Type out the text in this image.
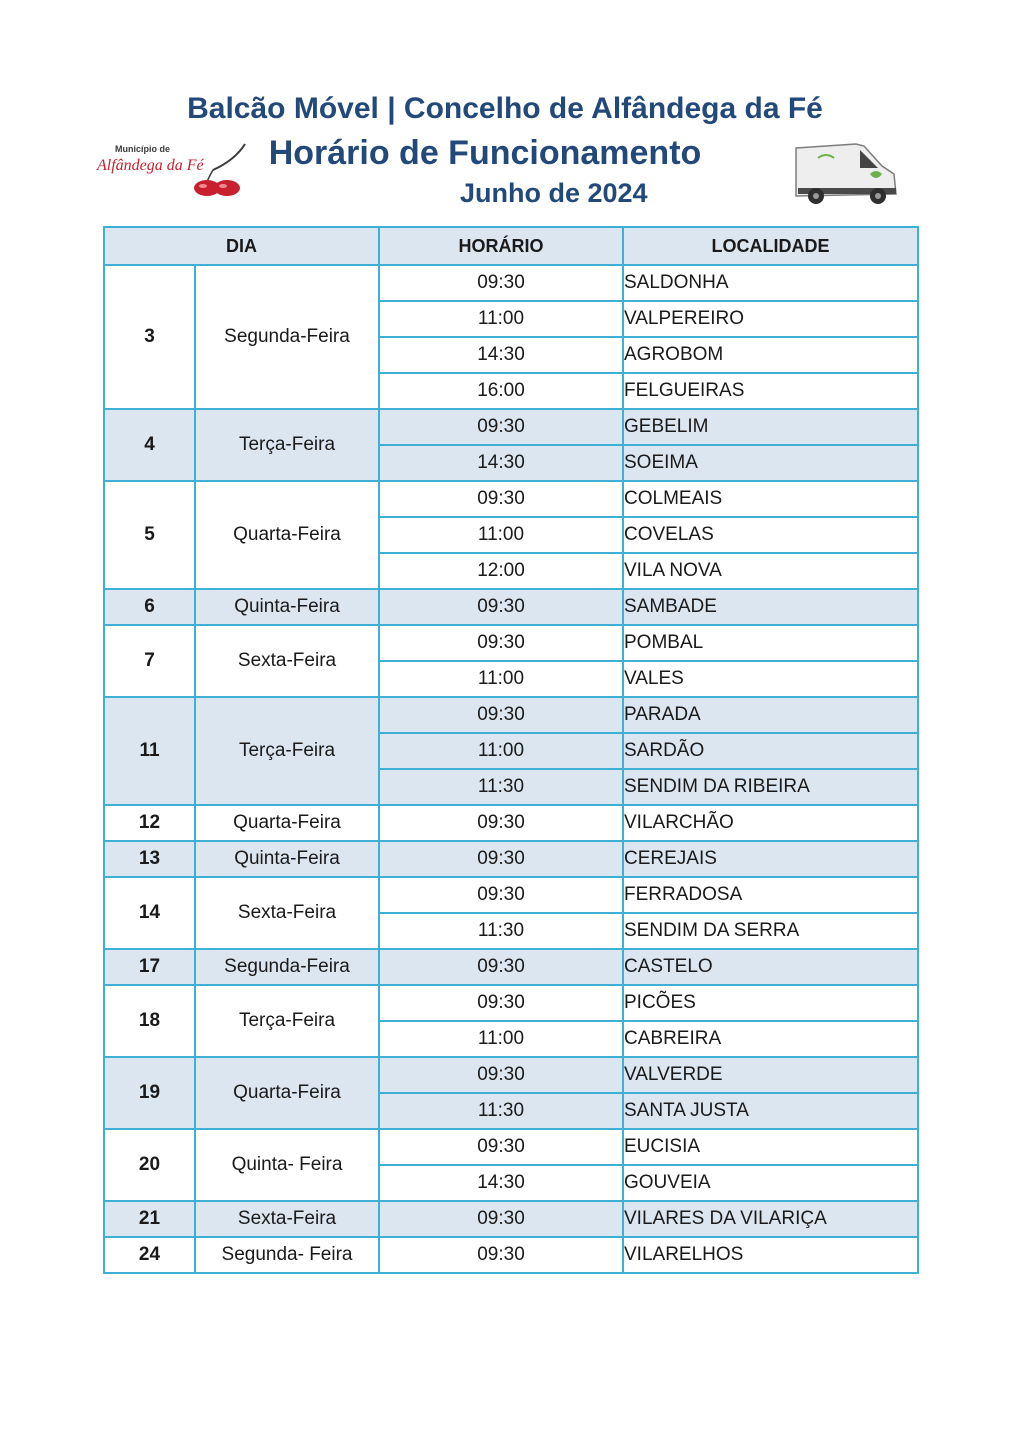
Balcão Móvel | Concelho de Alfândega da Fé
Horário de Funcionamento
Junho de 2024
Município de
Alfândega da Fé
DIA		HORÁRIO	LOCALIDADE
3	Segunda-Feira	09:30	SALDONHA
		11:00	VALPEREIRO
		14:30	AGROBOM
		16:00	FELGUEIRAS
4	Terça-Feira	09:30	GEBELIM
		14:30	SOEIMA
5	Quarta-Feira	09:30	COLMEAIS
		11:00	COVELAS
		12:00	VILA NOVA
6	Quinta-Feira	09:30	SAMBADE
7	Sexta-Feira	09:30	POMBAL
		11:00	VALES
11	Terça-Feira	09:30	PARADA
		11:00	SARDÃO
		11:30	SENDIM DA RIBEIRA
12	Quarta-Feira	09:30	VILARCHÃO
13	Quinta-Feira	09:30	CEREJAIS
14	Sexta-Feira	09:30	FERRADOSA
		11:30	SENDIM DA SERRA
17	Segunda-Feira	09:30	CASTELO
18	Terça-Feira	09:30	PICÕES
		11:00	CABREIRA
19	Quarta-Feira	09:30	VALVERDE
		11:30	SANTA JUSTA
20	Quinta- Feira	09:30	EUCISIA
		14:30	GOUVEIA
21	Sexta-Feira	09:30	VILARES DA VILARIÇA
24	Segunda- Feira	09:30	VILARELHOS
